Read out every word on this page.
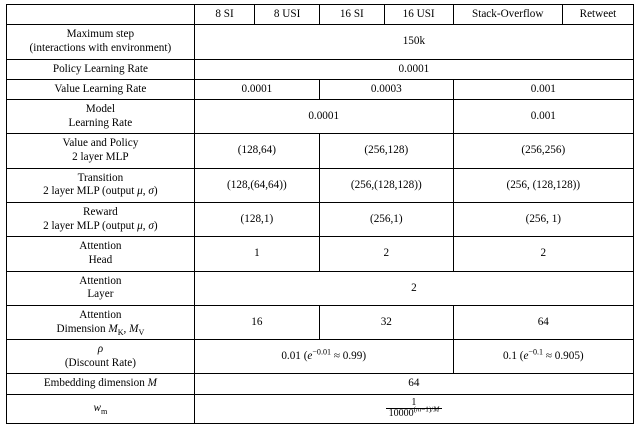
	8 SI	8 USI	16 SI	16 USI	Stack-Overflow	Retweet
Maximum step
(interactions with environment)	150k					
Policy Learning Rate	0.0001					
Value Learning Rate	0.0001		0.0003		0.001	
Model
Learning Rate	0.0001				0.001	
Value and Policy
2 layer MLP	(128,64)		(256,128)		(256,256)	
Transition
2 layer MLP (output μ, σ)	(128,(64,64))		(256,(128,128))		(256, (128,128))	
Reward
2 layer MLP (output μ, σ)	(128,1)		(256,1)		(256, 1)	
Attention
Head	1		2		2	
Attention
Layer	2					
Attention
Dimension $M_K$, $M_V$	16		32		64	
ρ
(Discount Rate)	0.01 $(e^{-0.01} \approx 0.99)$				0.1 $(e^{-0.1} \approx 0.905)$	
Embedding dimension M	64					
$w_m$	$\frac{1}{10000^{(m-1)/M}}$
